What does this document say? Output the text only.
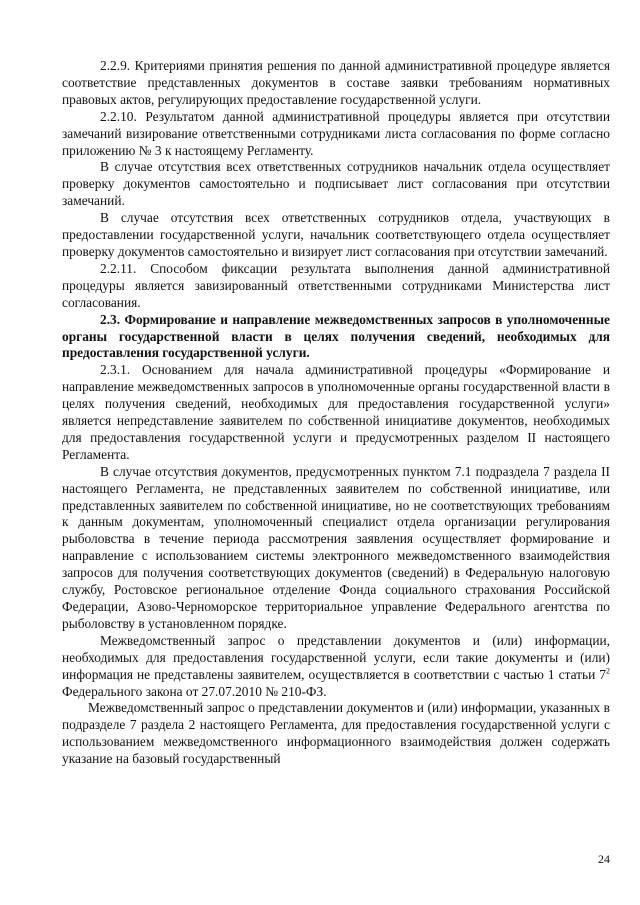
2.2.9. Критериями принятия решения по данной административной процедуре является соответствие представленных документов в составе заявки требованиям нормативных правовых актов, регулирующих предоставление государственной услуги.

2.2.10. Результатом данной административной процедуры является при отсутствии замечаний визирование ответственными сотрудниками листа согласования по форме согласно приложению № 3 к настоящему Регламенту.

В случае отсутствия всех ответственных сотрудников начальник отдела осуществляет проверку документов самостоятельно и подписывает лист согласования при отсутствии замечаний.

В случае отсутствия всех ответственных сотрудников отдела, участвующих в предоставлении государственной услуги, начальник соответствующего отдела осуществляет проверку документов самостоятельно и визирует лист согласования при отсутствии замечаний.

2.2.11. Способом фиксации результата выполнения данной административной процедуры является завизированный ответственными сотрудниками Министерства лист согласования.

2.3. Формирование и направление межведомственных запросов в уполномоченные органы государственной власти в целях получения сведений, необходимых для предоставления государственной услуги.

2.3.1. Основанием для начала административной процедуры «Формирование и направление межведомственных запросов в уполномоченные органы государственной власти в целях получения сведений, необходимых для предоставления государственной услуги» является непредставление заявителем по собственной инициативе документов, необходимых для предоставления государственной услуги и предусмотренных разделом II настоящего Регламента.

В случае отсутствия документов, предусмотренных пунктом 7.1 подраздела 7 раздела II настоящего Регламента, не представленных заявителем по собственной инициативе, или представленных заявителем по собственной инициативе, но не соответствующих требованиям к данным документам, уполномоченный специалист отдела организации регулирования рыболовства в течение периода рассмотрения заявления осуществляет формирование и направление с использованием системы электронного межведомственного взаимодействия запросов для получения соответствующих документов (сведений) в Федеральную налоговую службу, Ростовское региональное отделение Фонда социального страхования Российской Федерации, Азово-Черноморское территориальное управление Федерального агентства по рыболовству в установленном порядке.

Межведомственный запрос о представлении документов и (или) информации, необходимых для предоставления государственной услуги, если такие документы и (или) информация не представлены заявителем, осуществляется в соответствии с частью 1 статьи $7^2$ Федерального закона от 27.07.2010 № 210-ФЗ.

Межведомственный запрос о представлении документов и (или) информации, указанных в подразделе 7 раздела 2 настоящего Регламента, для предоставления государственной услуги с использованием межведомственного информационного взаимодействия должен содержать указание на базовый государственный

24
